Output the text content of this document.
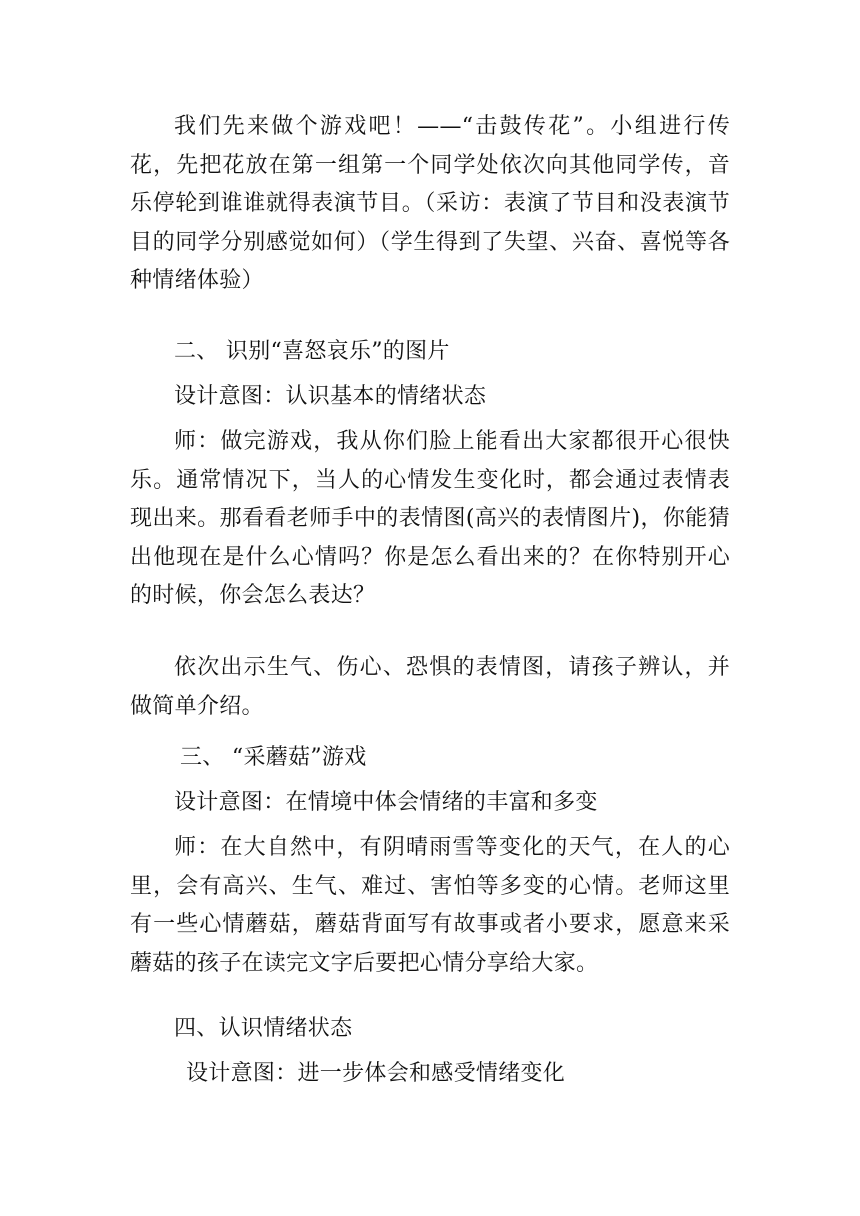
我们先来做个游戏吧！——“击鼓传花”。小组进行传花，先把花放在第一组第一个同学处依次向其他同学传，音乐停轮到谁谁就得表演节目。（采访：表演了节目和没表演节目的同学分别感觉如何）（学生得到了失望、兴奋、喜悦等各种情绪体验）

二、 识别“喜怒哀乐”的图片

设计意图：认识基本的情绪状态

师：做完游戏，我从你们脸上能看出大家都很开心很快乐。通常情况下，当人的心情发生变化时，都会通过表情表现出来。那看看老师手中的表情图(高兴的表情图片)，你能猜出他现在是什么心情吗？你是怎么看出来的？在你特别开心的时候，你会怎么表达？

依次出示生气、伤心、恐惧的表情图，请孩子辨认，并做简单介绍。

三、 “采蘑菇”游戏

设计意图：在情境中体会情绪的丰富和多变

师：在大自然中，有阴晴雨雪等变化的天气，在人的心里，会有高兴、生气、难过、害怕等多变的心情。老师这里有一些心情蘑菇，蘑菇背面写有故事或者小要求，愿意来采蘑菇的孩子在读完文字后要把心情分享给大家。

四、认识情绪状态

设计意图：进一步体会和感受情绪变化
